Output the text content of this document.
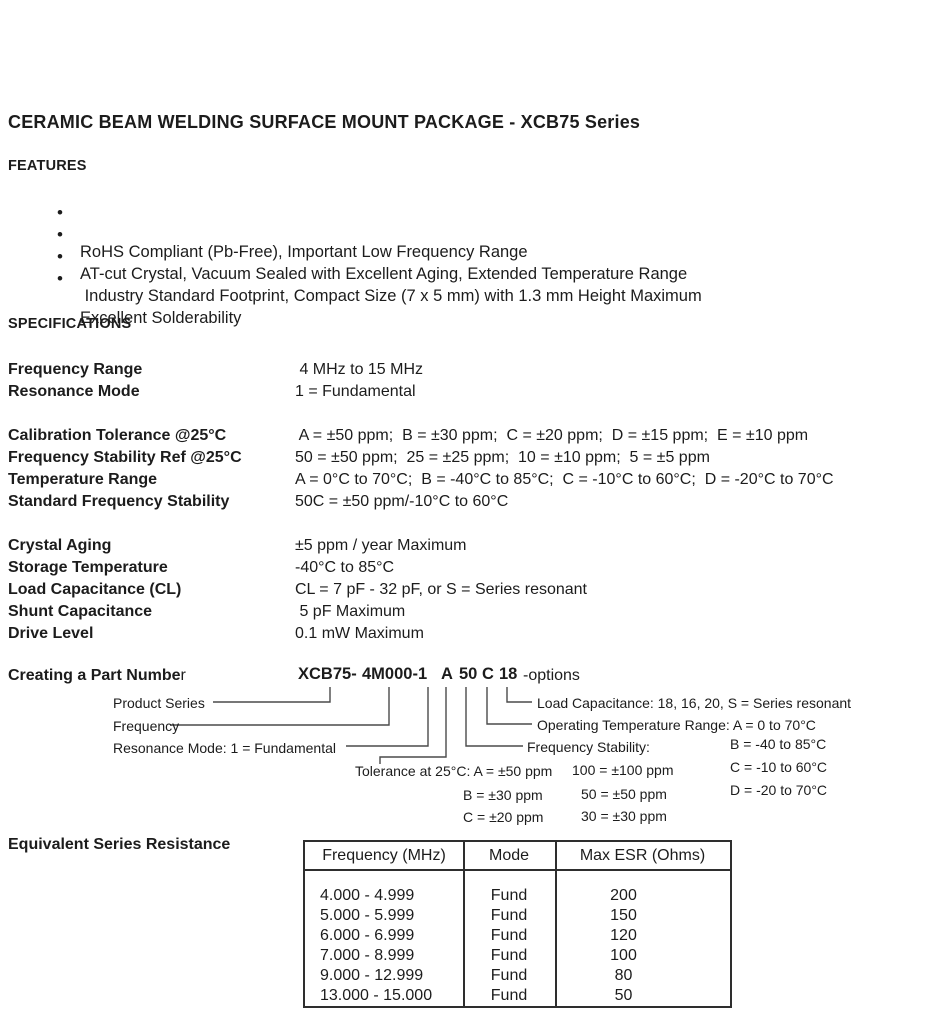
CERAMIC BEAM WELDING SURFACE MOUNT PACKAGE - XCB75 Series
FEATURES

•

RoHS Compliant (Pb-Free), Important Low Frequency Range

•

AT-cut Crystal, Vacuum Sealed with Excellent Aging, Extended Temperature Range

•

Industry Standard Footprint, Compact Size (7 x 5 mm) with 1.3 mm Height Maximum

•

Excellent Solderability

SPECIFICATIONS
Frequency Range	4 MHz to 15 MHz
Resonance Mode	1 = Fundamental
Calibration Tolerance @25°C	A = ±50 ppm;  B = ±30 ppm;  C = ±20 ppm;  D = ±15 ppm;  E = ±10 ppm
Frequency Stability Ref @25°C	50 = ±50 ppm;  25 = ±25 ppm;  10 = ±10 ppm;  5 = ±5 ppm
Temperature Range	A = 0°C to 70°C;  B = -40°C to 85°C;  C = -10°C to 60°C;  D = -20°C to 70°C
Standard Frequency Stability	50C = ±50 ppm/-10°C to 60°C
Crystal Aging	±5 ppm / year Maximum
Storage Temperature	-40°C to 85°C
Load Capacitance (CL)	CL = 7 pF - 32 pF, or S = Series resonant
Shunt Capacitance	5 pF Maximum
Drive Level	0.1 mW Maximum
Creating a Part Number	XCB75- 4M000-1 A 50 C 18 -options
Product Series
Frequency
Resonance Mode: 1 = Fundamental
Tolerance at 25°C: A = ±50 ppm
B = ±30 ppm
C = ±20 ppm
Frequency Stability:
100 = ±100 ppm
50 = ±50 ppm
30 = ±30 ppm
Load Capacitance: 18, 16, 20, S = Series resonant
Operating Temperature Range: A = 0 to 70°C
B = -40 to 85°C
C = -10 to 60°C
D = -20 to 70°C
Equivalent Series Resistance
Frequency (MHz)	Mode	Max ESR (Ohms)
4.000 - 4.999	Fund	200
5.000 - 5.999	Fund	150
6.000 - 6.999	Fund	120
7.000 - 8.999	Fund	100
9.000 - 12.999	Fund	80
13.000 - 15.000	Fund	50
